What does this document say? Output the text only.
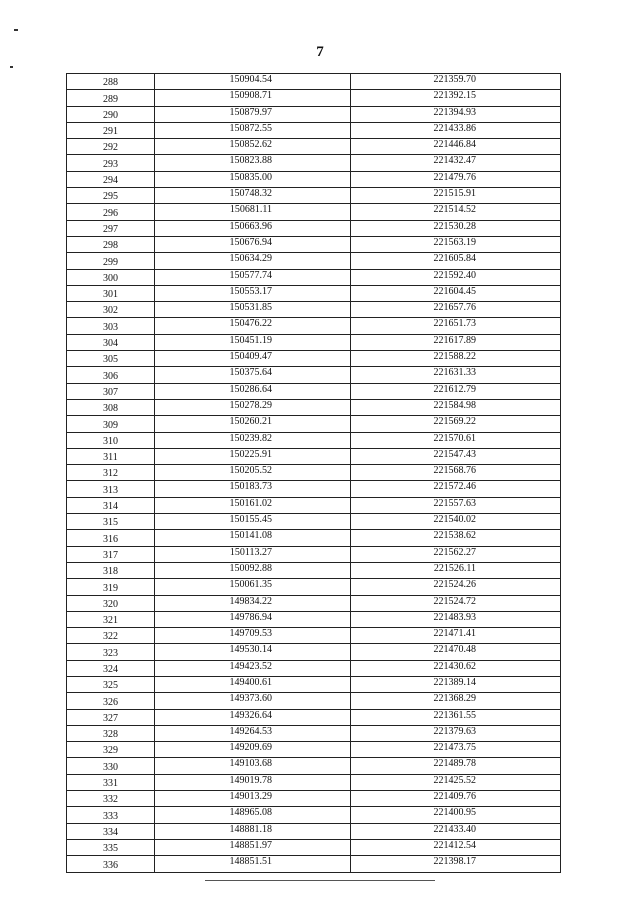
7
288	150904.54	221359.70
289	150908.71	221392.15
290	150879.97	221394.93
291	150872.55	221433.86
292	150852.62	221446.84
293	150823.88	221432.47
294	150835.00	221479.76
295	150748.32	221515.91
296	150681.11	221514.52
297	150663.96	221530.28
298	150676.94	221563.19
299	150634.29	221605.84
300	150577.74	221592.40
301	150553.17	221604.45
302	150531.85	221657.76
303	150476.22	221651.73
304	150451.19	221617.89
305	150409.47	221588.22
306	150375.64	221631.33
307	150286.64	221612.79
308	150278.29	221584.98
309	150260.21	221569.22
310	150239.82	221570.61
311	150225.91	221547.43
312	150205.52	221568.76
313	150183.73	221572.46
314	150161.02	221557.63
315	150155.45	221540.02
316	150141.08	221538.62
317	150113.27	221562.27
318	150092.88	221526.11
319	150061.35	221524.26
320	149834.22	221524.72
321	149786.94	221483.93
322	149709.53	221471.41
323	149530.14	221470.48
324	149423.52	221430.62
325	149400.61	221389.14
326	149373.60	221368.29
327	149326.64	221361.55
328	149264.53	221379.63
329	149209.69	221473.75
330	149103.68	221489.78
331	149019.78	221425.52
332	149013.29	221409.76
333	148965.08	221400.95
334	148881.18	221433.40
335	148851.97	221412.54
336	148851.51	221398.17
